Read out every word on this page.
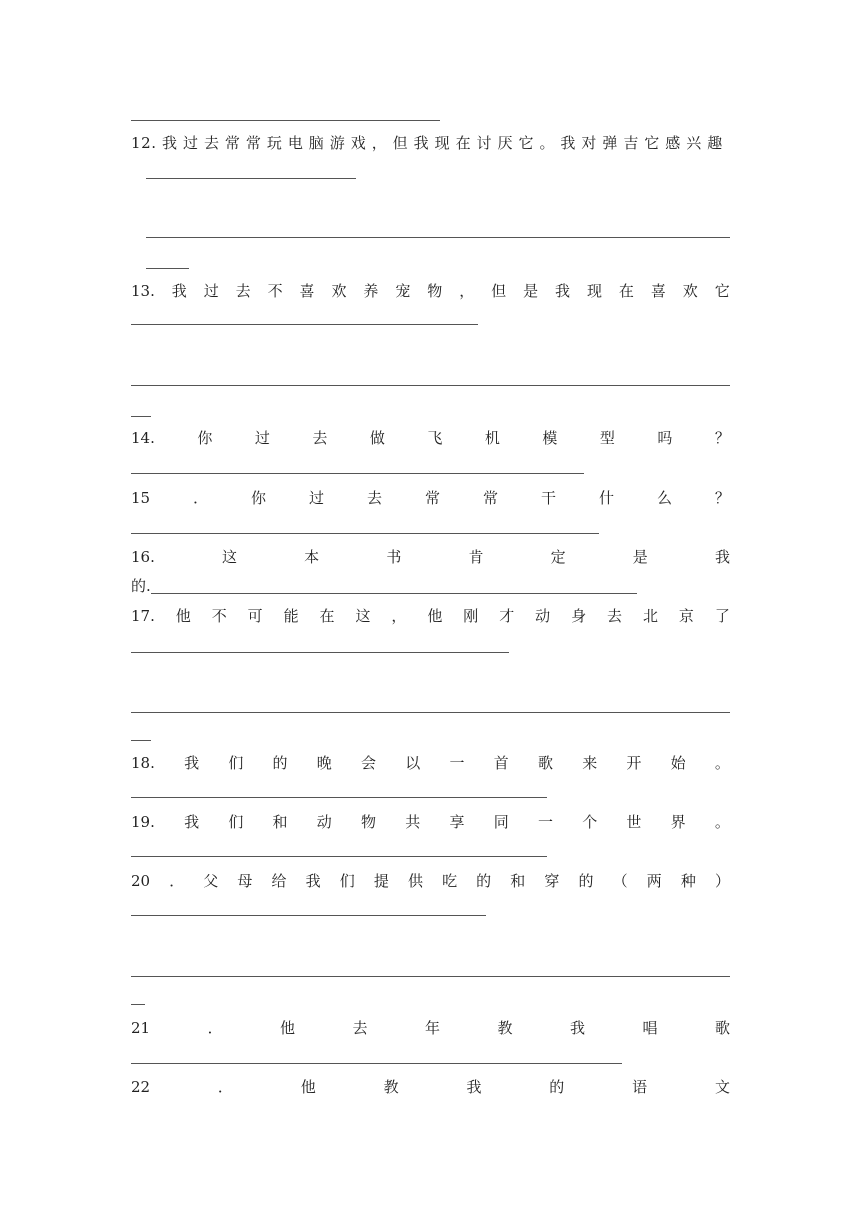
12. 我 过 去 常 常 玩 电 脑 游 戏 ， 但 我 现 在 讨 厌 它 。 我 对 弹 吉 它 感 兴 趣
13. 我 过 去 不 喜 欢 养 宠 物 ， 但 是 我 现 在 喜 欢 它
14.	你	过	去	做	飞	机	模	型	吗	？
15	．	你	过	去	常	常	干	什	么	？
16.	这	本	书	肯	定	是	我
的.
17. 他 不 可 能 在 这 ， 他 刚 才 动 身 去 北 京 了
18. 我 们 的 晚 会 以 一 首 歌 来 开 始 。
19. 我 们 和 动 物 共 享 同 一 个 世 界 。
20 ． 父 母 给 我 们 提 供 吃 的 和 穿 的 （ 两 种 ）
21	．	他	去	年	教	我	唱	歌
22	．	他	教	我	的	语	文
